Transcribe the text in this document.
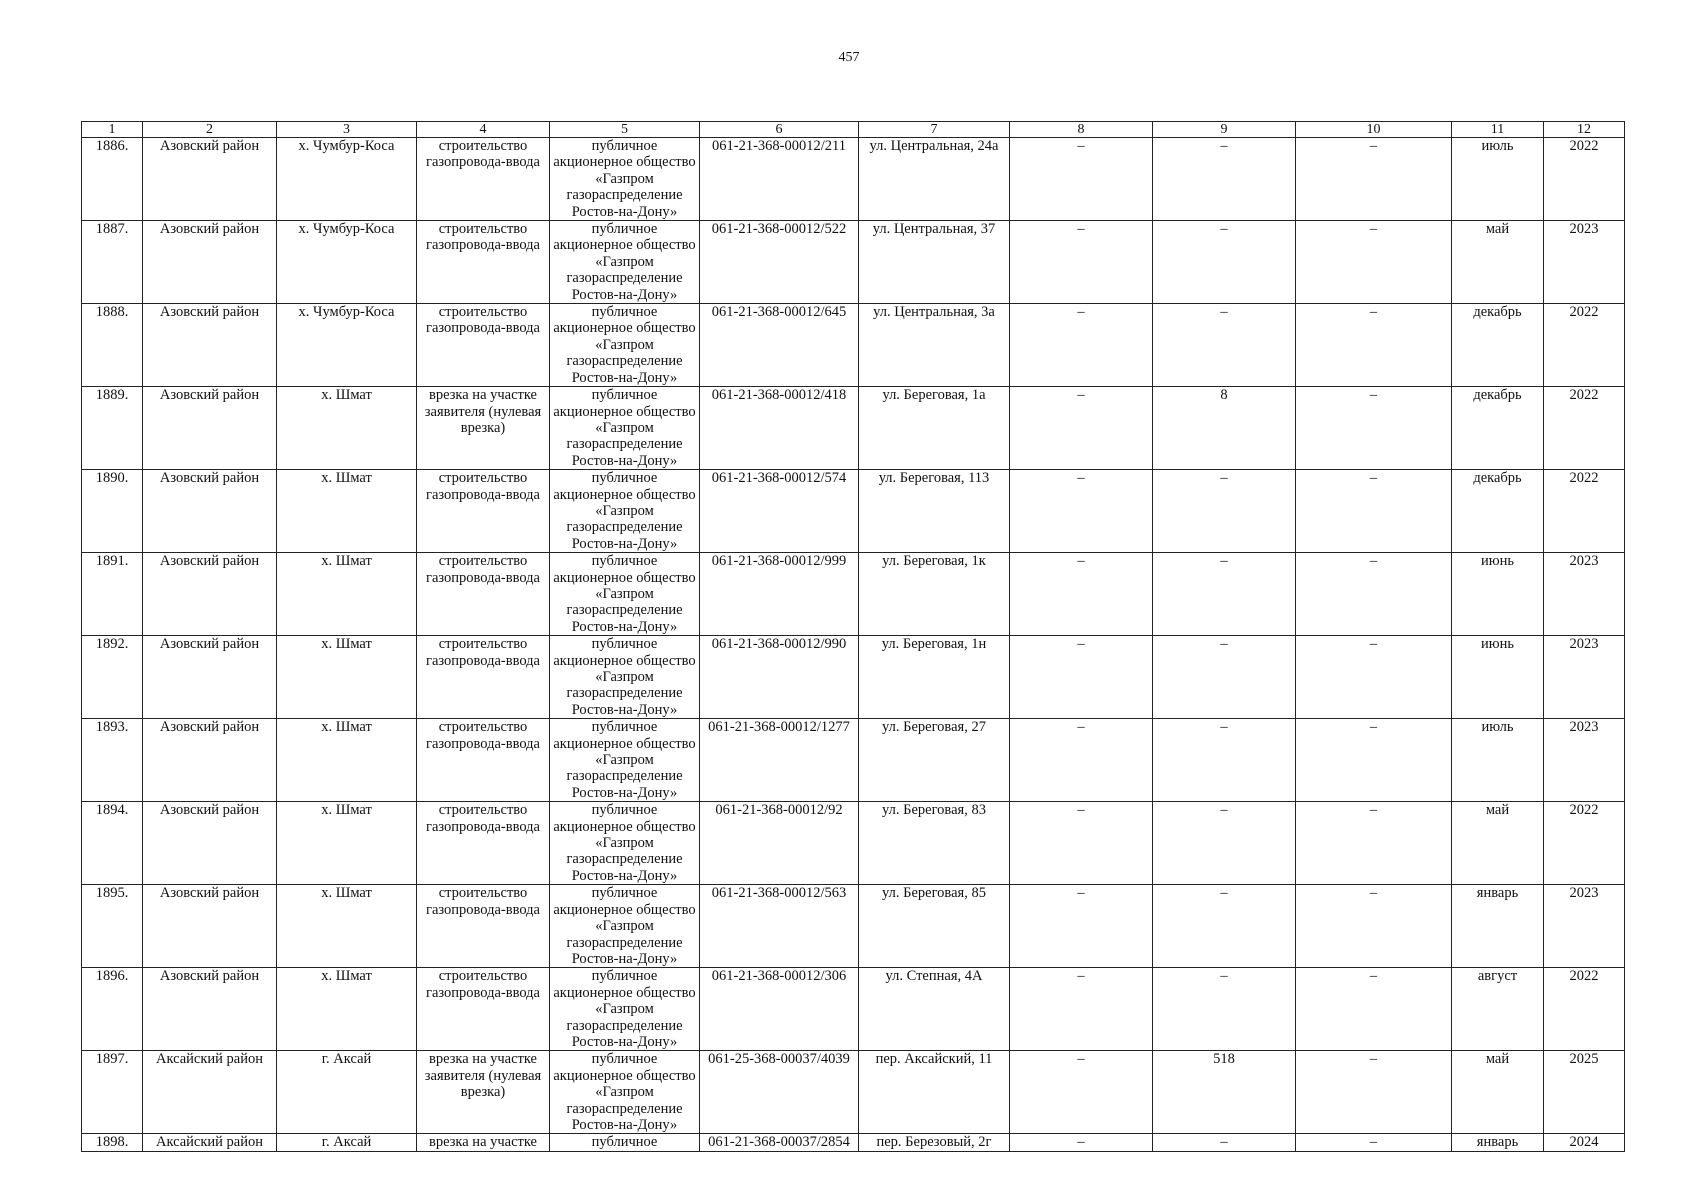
457
1	2	3	4	5	6	7	8	9	10	11	12
1886.	Азовский район	х. Чумбур-Коса	строительство газопровода-ввода	публичное акционерное общество «Газпром газораспределение Ростов-на-Дону»	061-21-368-00012/211	ул. Центральная, 24а	–	–	–	июль	2022
1887.	Азовский район	х. Чумбур-Коса	строительство газопровода-ввода	публичное акционерное общество «Газпром газораспределение Ростов-на-Дону»	061-21-368-00012/522	ул. Центральная, 37	–	–	–	май	2023
1888.	Азовский район	х. Чумбур-Коса	строительство газопровода-ввода	публичное акционерное общество «Газпром газораспределение Ростов-на-Дону»	061-21-368-00012/645	ул. Центральная, 3а	–	–	–	декабрь	2022
1889.	Азовский район	х. Шмат	врезка на участке заявителя (нулевая врезка)	публичное акционерное общество «Газпром газораспределение Ростов-на-Дону»	061-21-368-00012/418	ул. Береговая, 1а	–	8	–	декабрь	2022
1890.	Азовский район	х. Шмат	строительство газопровода-ввода	публичное акционерное общество «Газпром газораспределение Ростов-на-Дону»	061-21-368-00012/574	ул. Береговая, 113	–	–	–	декабрь	2022
1891.	Азовский район	х. Шмат	строительство газопровода-ввода	публичное акционерное общество «Газпром газораспределение Ростов-на-Дону»	061-21-368-00012/999	ул. Береговая, 1к	–	–	–	июнь	2023
1892.	Азовский район	х. Шмат	строительство газопровода-ввода	публичное акционерное общество «Газпром газораспределение Ростов-на-Дону»	061-21-368-00012/990	ул. Береговая, 1н	–	–	–	июнь	2023
1893.	Азовский район	х. Шмат	строительство газопровода-ввода	публичное акционерное общество «Газпром газораспределение Ростов-на-Дону»	061-21-368-00012/1277	ул. Береговая, 27	–	–	–	июль	2023
1894.	Азовский район	х. Шмат	строительство газопровода-ввода	публичное акционерное общество «Газпром газораспределение Ростов-на-Дону»	061-21-368-00012/92	ул. Береговая, 83	–	–	–	май	2022
1895.	Азовский район	х. Шмат	строительство газопровода-ввода	публичное акционерное общество «Газпром газораспределение Ростов-на-Дону»	061-21-368-00012/563	ул. Береговая, 85	–	–	–	январь	2023
1896.	Азовский район	х. Шмат	строительство газопровода-ввода	публичное акционерное общество «Газпром газораспределение Ростов-на-Дону»	061-21-368-00012/306	ул. Степная, 4А	–	–	–	август	2022
1897.	Аксайский район	г. Аксай	врезка на участке заявителя (нулевая врезка)	публичное акционерное общество «Газпром газораспределение Ростов-на-Дону»	061-25-368-00037/4039	пер. Аксайский, 11	–	518	–	май	2025
1898.	Аксайский район	г. Аксай	врезка на участке	публичное	061-21-368-00037/2854	пер. Березовый, 2г	–	–	–	январь	2024
